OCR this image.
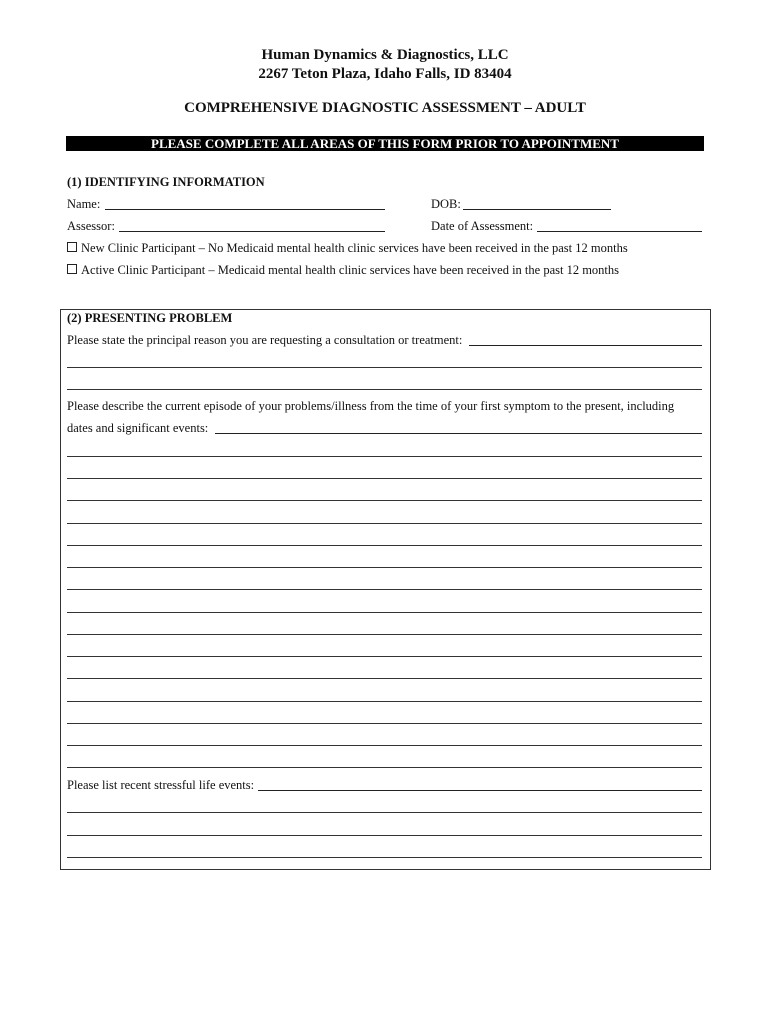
Human Dynamics & Diagnostics, LLC
2267 Teton Plaza, Idaho Falls, ID 83404
COMPREHENSIVE DIAGNOSTIC ASSESSMENT – ADULT
PLEASE COMPLETE ALL AREAS OF THIS FORM PRIOR TO APPOINTMENT
(1) IDENTIFYING INFORMATION
Name:	DOB:
Assessor:	Date of Assessment:
New Clinic Participant – No Medicaid mental health clinic services have been received in the past 12 months
Active Clinic Participant – Medicaid mental health clinic services have been received in the past 12 months
(2) PRESENTING PROBLEM
Please state the principal reason you are requesting a consultation or treatment:
Please describe the current episode of your problems/illness from the time of your first symptom to the present, including
dates and significant events:
Please list recent stressful life events:
